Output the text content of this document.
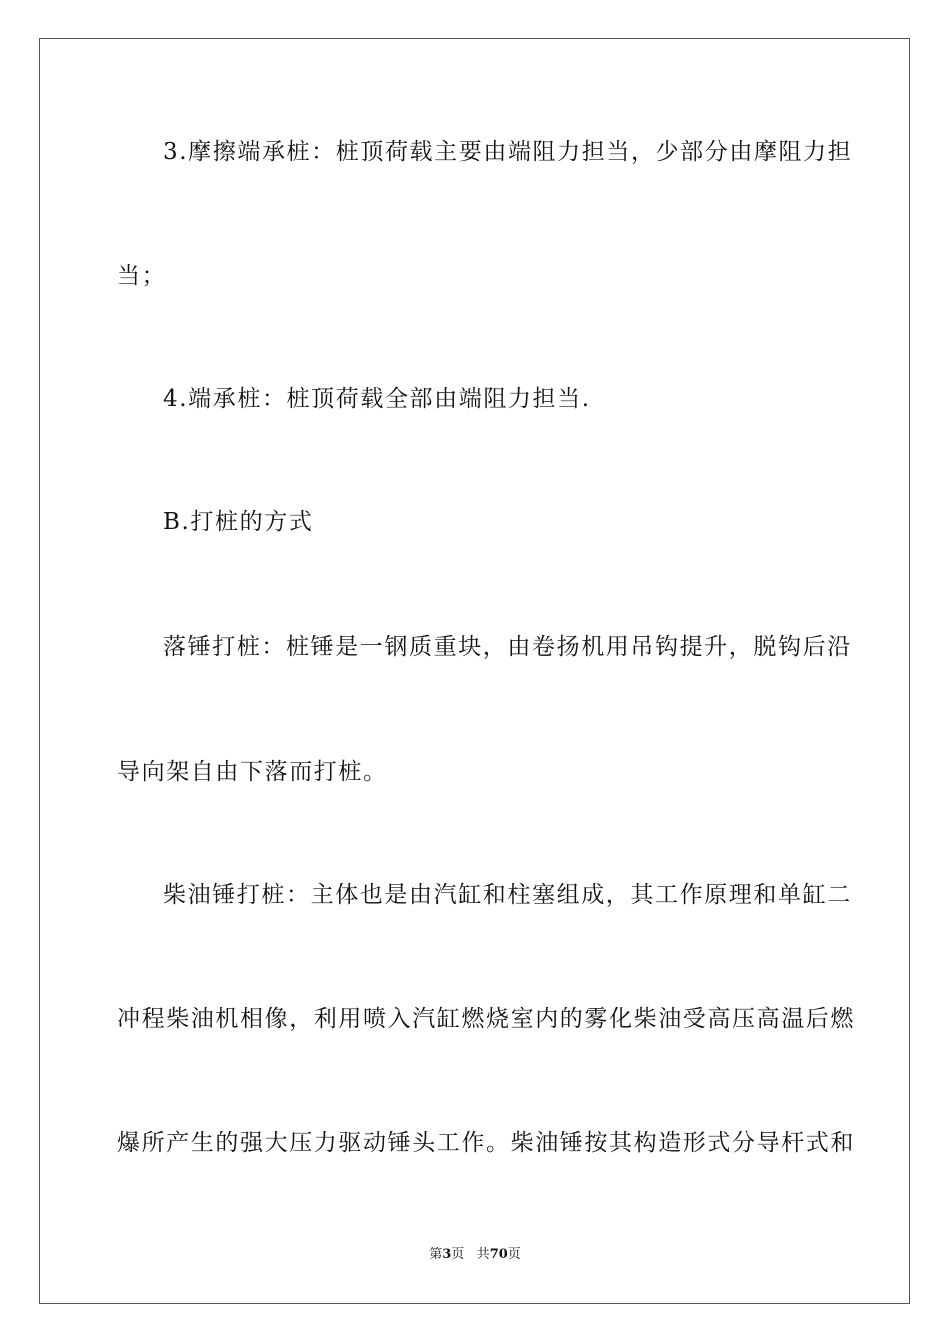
3.摩擦端承桩：桩顶荷载主要由端阻力担当，少部分由摩阻力担
当；
4.端承桩：桩顶荷载全部由端阻力担当.
B.打桩的方式
落锤打桩：桩锤是一钢质重块，由卷扬机用吊钩提升，脱钩后沿
导向架自由下落而打桩。
柴油锤打桩：主体也是由汽缸和柱塞组成，其工作原理和单缸二
冲程柴油机相像，利用喷入汽缸燃烧室内的雾化柴油受高压高温后燃
爆所产生的强大压力驱动锤头工作。柴油锤按其构造形式分导杆式和
第3页 共70页
